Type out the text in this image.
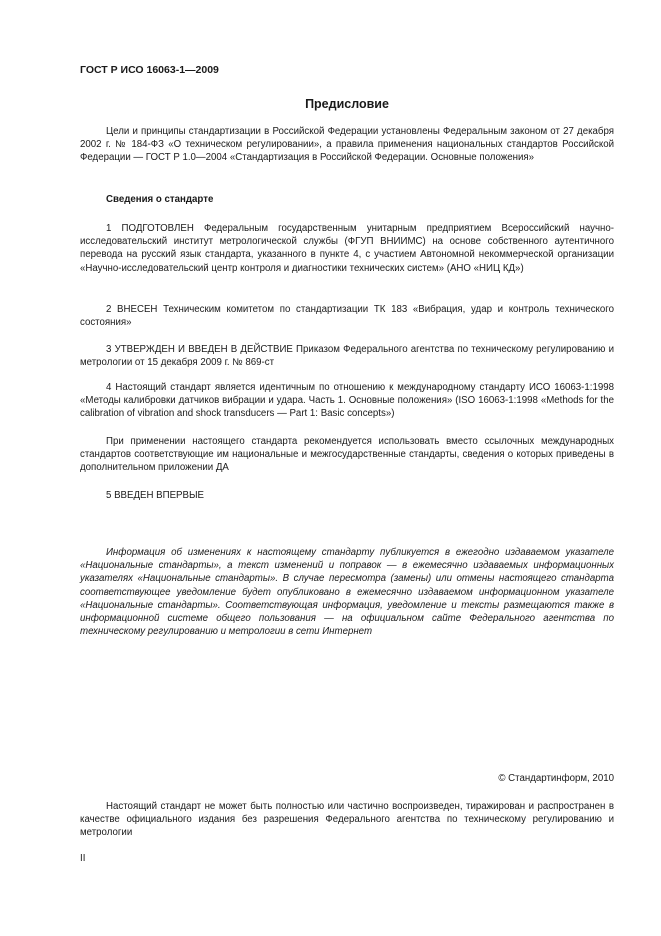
ГОСТ Р ИСО 16063-1—2009
Предисловие

Цели и принципы стандартизации в Российской Федерации установлены Федеральным законом от 27 декабря 2002 г. № 184-ФЗ «О техническом регулировании», а правила применения национальных стандартов Российской Федерации — ГОСТ Р 1.0—2004 «Стандартизация в Российской Федерации. Основные положения»

Сведения о стандарте

1 ПОДГОТОВЛЕН Федеральным государственным унитарным предприятием Всероссийский научно-исследовательский институт метрологической службы (ФГУП ВНИИМС) на основе собственного аутентичного перевода на русский язык стандарта, указанного в пункте 4, с участием Автономной некоммерческой организации «Научно-исследовательский центр контроля и диагностики технических систем» (АНО «НИЦ КД»)

2 ВНЕСЕН Техническим комитетом по стандартизации ТК 183 «Вибрация, удар и контроль технического состояния»

3 УТВЕРЖДЕН И ВВЕДЕН В ДЕЙСТВИЕ Приказом Федерального агентства по техническому регулированию и метрологии от 15 декабря 2009 г. № 869-ст

4 Настоящий стандарт является идентичным по отношению к международному стандарту ИСО 16063-1:1998 «Методы калибровки датчиков вибрации и удара. Часть 1. Основные положения» (ISO 16063-1:1998 «Methods for the calibration of vibration and shock transducers — Part 1: Basic concepts»)

При применении настоящего стандарта рекомендуется использовать вместо ссылочных международных стандартов соответствующие им национальные и межгосударственные стандарты, сведения о которых приведены в дополнительном приложении ДА

5 ВВЕДЕН ВПЕРВЫЕ

Информация об изменениях к настоящему стандарту публикуется в ежегодно издаваемом указателе «Национальные стандарты», а текст изменений и поправок — в ежемесячно издаваемых информационных указателях «Национальные стандарты». В случае пересмотра (замены) или отмены настоящего стандарта соответствующее уведомление будет опубликовано в ежемесячно издаваемом информационном указателе «Национальные стандарты». Соответствующая информация, уведомление и тексты размещаются также в информационной системе общего пользования — на официальном сайте Федерального агентства по техническому регулированию и метрологии в сети Интернет

© Стандартинформ, 2010

Настоящий стандарт не может быть полностью или частично воспроизведен, тиражирован и распространен в качестве официального издания без разрешения Федерального агентства по техническому регулированию и метрологии

II
